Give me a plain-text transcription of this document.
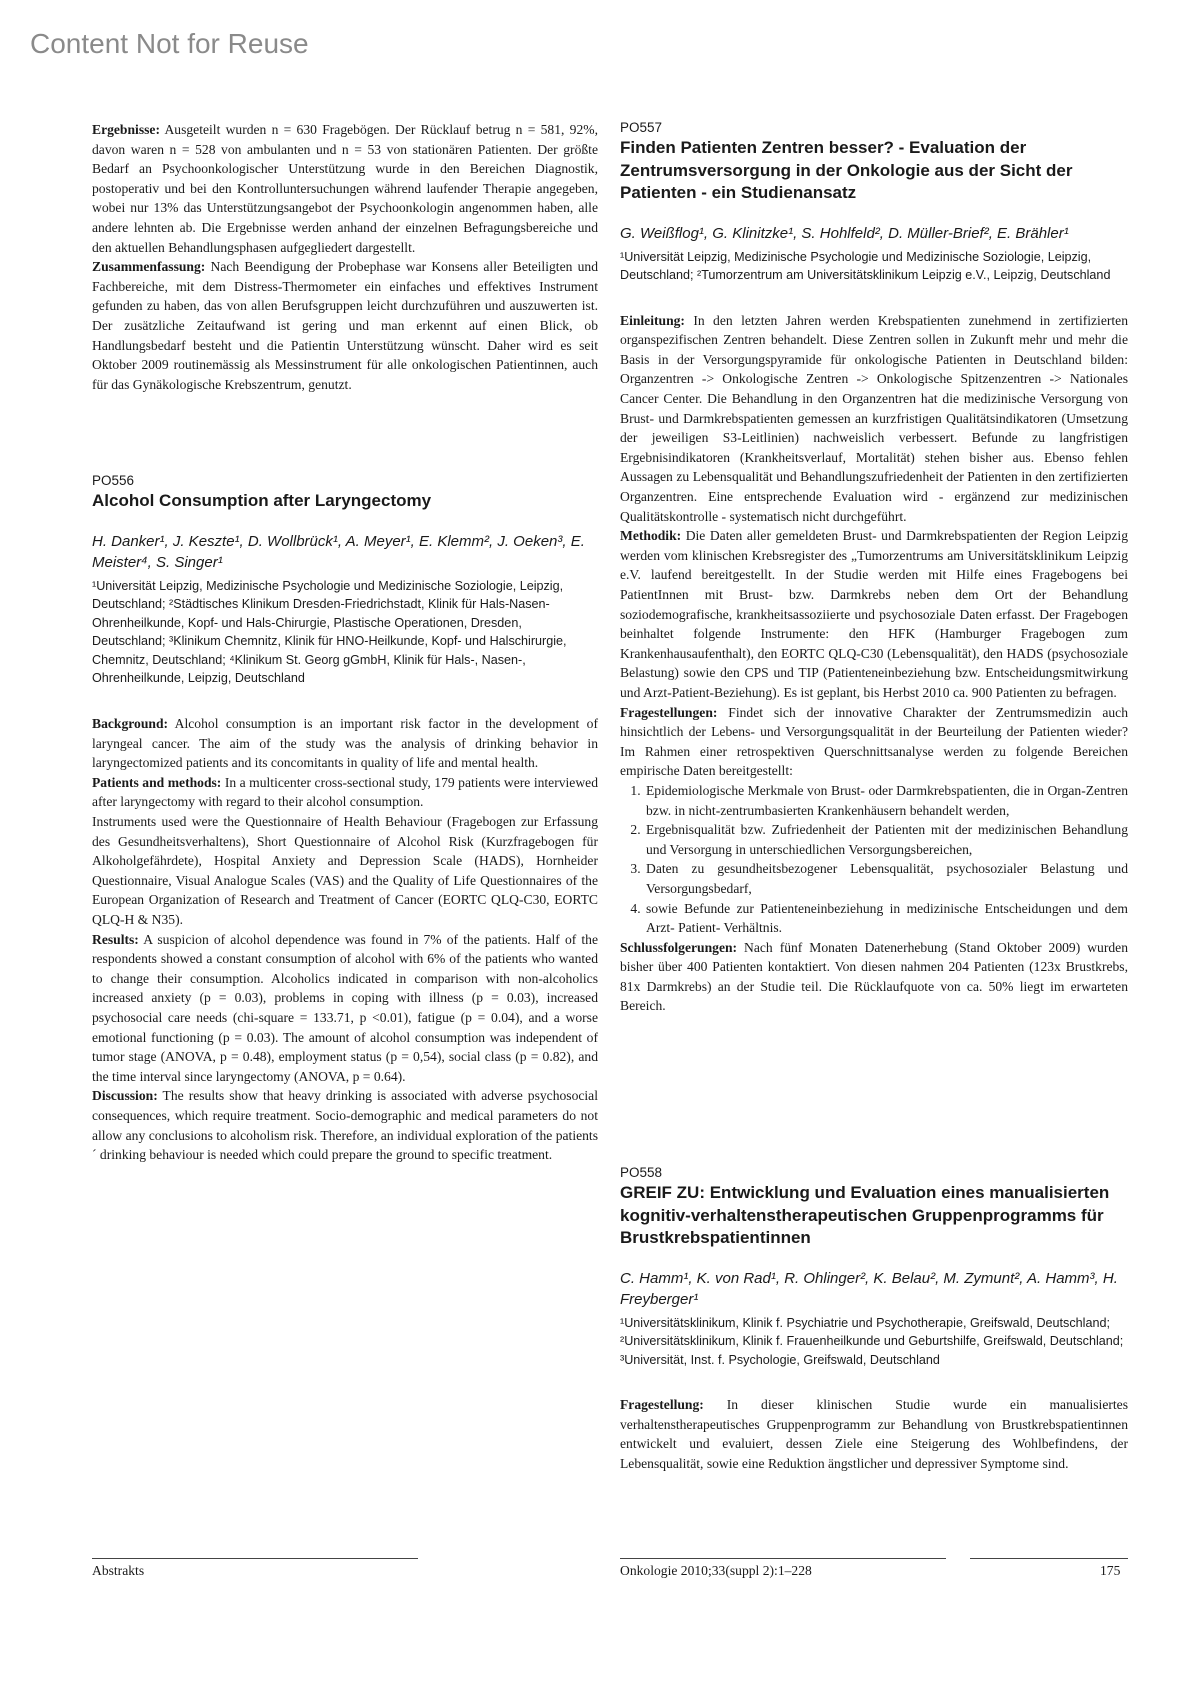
Content Not for Reuse

Ergebnisse: Ausgeteilt wurden n = 630 Fragebögen. Der Rücklauf betrug n = 581, 92%, davon waren n = 528 von ambulanten und n = 53 von stationären Patienten. Der größte Bedarf an Psychoonkologischer Unterstützung wurde in den Bereichen Diagnostik, postoperativ und bei den Kontrolluntersuchungen während laufender Therapie angegeben, wobei nur 13% das Unterstützungsangebot der Psychoonkologin angenommen haben, alle andere lehnten ab. Die Ergebnisse werden anhand der einzelnen Befragungsbereiche und den aktuellen Behandlungsphasen aufgegliedert dargestellt.

Zusammenfassung: Nach Beendigung der Probephase war Konsens aller Beteiligten und Fachbereiche, mit dem Distress-Thermometer ein einfaches und effektives Instrument gefunden zu haben, das von allen Berufsgruppen leicht durchzuführen und auszuwerten ist. Der zusätzliche Zeitaufwand ist gering und man erkennt auf einen Blick, ob Handlungsbedarf besteht und die Patientin Unterstützung wünscht. Daher wird es seit Oktober 2009 routinemässig als Messinstrument für alle onkologischen Patientinnen, auch für das Gynäkologische Krebszentrum, genutzt.

PO556

Alcohol Consumption after Laryngectomy

H. Danker¹, J. Keszte¹, D. Wollbrück¹, A. Meyer¹, E. Klemm², J. Oeken³, E. Meister⁴, S. Singer¹

¹Universität Leipzig, Medizinische Psychologie und Medizinische Soziologie, Leipzig, Deutschland; ²Städtisches Klinikum Dresden-Friedrichstadt, Klinik für Hals-Nasen-Ohrenheilkunde, Kopf- und Hals-Chirurgie, Plastische Operationen, Dresden, Deutschland; ³Klinikum Chemnitz, Klinik für HNO-Heilkunde, Kopf- und Halschirurgie, Chemnitz, Deutschland; ⁴Klinikum St. Georg gGmbH, Klinik für Hals-, Nasen-, Ohrenheilkunde, Leipzig, Deutschland

Background: Alcohol consumption is an important risk factor in the development of laryngeal cancer. The aim of the study was the analysis of drinking behavior in laryngectomized patients and its concomitants in quality of life and mental health.

Patients and methods: In a multicenter cross-sectional study, 179 patients were interviewed after laryngectomy with regard to their alcohol consumption.

Instruments used were the Questionnaire of Health Behaviour (Fragebogen zur Erfassung des Gesundheitsverhaltens), Short Questionnaire of Alcohol Risk (Kurzfragebogen für Alkoholgefährdete), Hospital Anxiety and Depression Scale (HADS), Hornheider Questionnaire, Visual Analogue Scales (VAS) and the Quality of Life Questionnaires of the European Organization of Research and Treatment of Cancer (EORTC QLQ-C30, EORTC QLQ-H & N35).

Results: A suspicion of alcohol dependence was found in 7% of the patients. Half of the respondents showed a constant consumption of alcohol with 6% of the patients who wanted to change their consumption. Alcoholics indicated in comparison with non-alcoholics increased anxiety (p = 0.03), problems in coping with illness (p = 0.03), increased psychosocial care needs (chi-square = 133.71, p <0.01), fatigue (p = 0.04), and a worse emotional functioning (p = 0.03). The amount of alcohol consumption was independent of tumor stage (ANOVA, p = 0.48), employment status (p = 0,54), social class (p = 0.82), and the time interval since laryngectomy (ANOVA, p = 0.64).

Discussion: The results show that heavy drinking is associated with adverse psychosocial consequences, which require treatment. Socio-demographic and medical parameters do not allow any conclusions to alcoholism risk. Therefore, an individual exploration of the patients´ drinking behaviour is needed which could prepare the ground to specific treatment.

PO557

Finden Patienten Zentren besser? - Evaluation der Zentrumsversorgung in der Onkologie aus der Sicht der Patienten - ein Studienansatz

G. Weißflog¹, G. Klinitzke¹, S. Hohlfeld², D. Müller-Brief², E. Brähler¹

¹Universität Leipzig, Medizinische Psychologie und Medizinische Soziologie, Leipzig, Deutschland; ²Tumorzentrum am Universitätsklinikum Leipzig e.V., Leipzig, Deutschland

Einleitung: In den letzten Jahren werden Krebspatienten zunehmend in zertifizierten organspezifischen Zentren behandelt. Diese Zentren sollen in Zukunft mehr und mehr die Basis in der Versorgungspyramide für onkologische Patienten in Deutschland bilden: Organzentren -> Onkologische Zentren -> Onkologische Spitzenzentren -> Nationales Cancer Center. Die Behandlung in den Organzentren hat die medizinische Versorgung von Brust- und Darmkrebspatienten gemessen an kurzfristigen Qualitätsindikatoren (Umsetzung der jeweiligen S3-Leitlinien) nachweislich verbessert. Befunde zu langfristigen Ergebnisindikatoren (Krankheitsverlauf, Mortalität) stehen bisher aus. Ebenso fehlen Aussagen zu Lebensqualität und Behandlungszufriedenheit der Patienten in den zertifizierten Organzentren. Eine entsprechende Evaluation wird - ergänzend zur medizinischen Qualitätskontrolle - systematisch nicht durchgeführt.

Methodik: Die Daten aller gemeldeten Brust- und Darmkrebspatienten der Region Leipzig werden vom klinischen Krebsregister des „Tumorzentrums am Universitätsklinikum Leipzig e.V. laufend bereitgestellt. In der Studie werden mit Hilfe eines Fragebogens bei PatientInnen mit Brust- bzw. Darmkrebs neben dem Ort der Behandlung soziodemografische, krankheitsassoziierte und psychosoziale Daten erfasst. Der Fragebogen beinhaltet folgende Instrumente: den HFK (Hamburger Fragebogen zum Krankenhausaufenthalt), den EORTC QLQ-C30 (Lebensqualität), den HADS (psychosoziale Belastung) sowie den CPS und TIP (Patienteneinbeziehung bzw. Entscheidungsmitwirkung und Arzt-Patient-Beziehung). Es ist geplant, bis Herbst 2010 ca. 900 Patienten zu befragen.

Fragestellungen: Findet sich der innovative Charakter der Zentrumsmedizin auch hinsichtlich der Lebens- und Versorgungsqualität in der Beurteilung der Patienten wieder? Im Rahmen einer retrospektiven Querschnittsanalyse werden zu folgende Bereichen empirische Daten bereitgestellt:

1. Epidemiologische Merkmale von Brust- oder Darmkrebspatienten, die in Organ-Zentren bzw. in nicht-zentrumbasierten Krankenhäusern behandelt werden,
2. Ergebnisqualität bzw. Zufriedenheit der Patienten mit der medizinischen Behandlung und Versorgung in unterschiedlichen Versorgungsbereichen,
3. Daten zu gesundheitsbezogener Lebensqualität, psychosozialer Belastung und Versorgungsbedarf,
4. sowie Befunde zur Patienteneinbeziehung in medizinische Entscheidungen und dem Arzt- Patient- Verhältnis.

Schlussfolgerungen: Nach fünf Monaten Datenerhebung (Stand Oktober 2009) wurden bisher über 400 Patienten kontaktiert. Von diesen nahmen 204 Patienten (123x Brustkrebs, 81x Darmkrebs) an der Studie teil. Die Rücklaufquote von ca. 50% liegt im erwarteten Bereich.

PO558

GREIF ZU: Entwicklung und Evaluation eines manualisierten kognitiv-verhaltenstherapeutischen Gruppenprogramms für Brustkrebspatientinnen

C. Hamm¹, K. von Rad¹, R. Ohlinger², K. Belau², M. Zymunt², A. Hamm³, H. Freyberger¹

¹Universitätsklinikum, Klinik f. Psychiatrie und Psychotherapie, Greifswald, Deutschland; ²Universitätsklinikum, Klinik f. Frauenheilkunde und Geburtshilfe, Greifswald, Deutschland; ³Universität, Inst. f. Psychologie, Greifswald, Deutschland

Fragestellung: In dieser klinischen Studie wurde ein manualisiertes verhaltenstherapeutisches Gruppenprogramm zur Behandlung von Brustkrebspatientinnen entwickelt und evaluiert, dessen Ziele eine Steigerung des Wohlbefindens, der Lebensqualität, sowie eine Reduktion ängstlicher und depressiver Symptome sind.

Abstrakts	Onkologie 2010;33(suppl 2):1–228	175
